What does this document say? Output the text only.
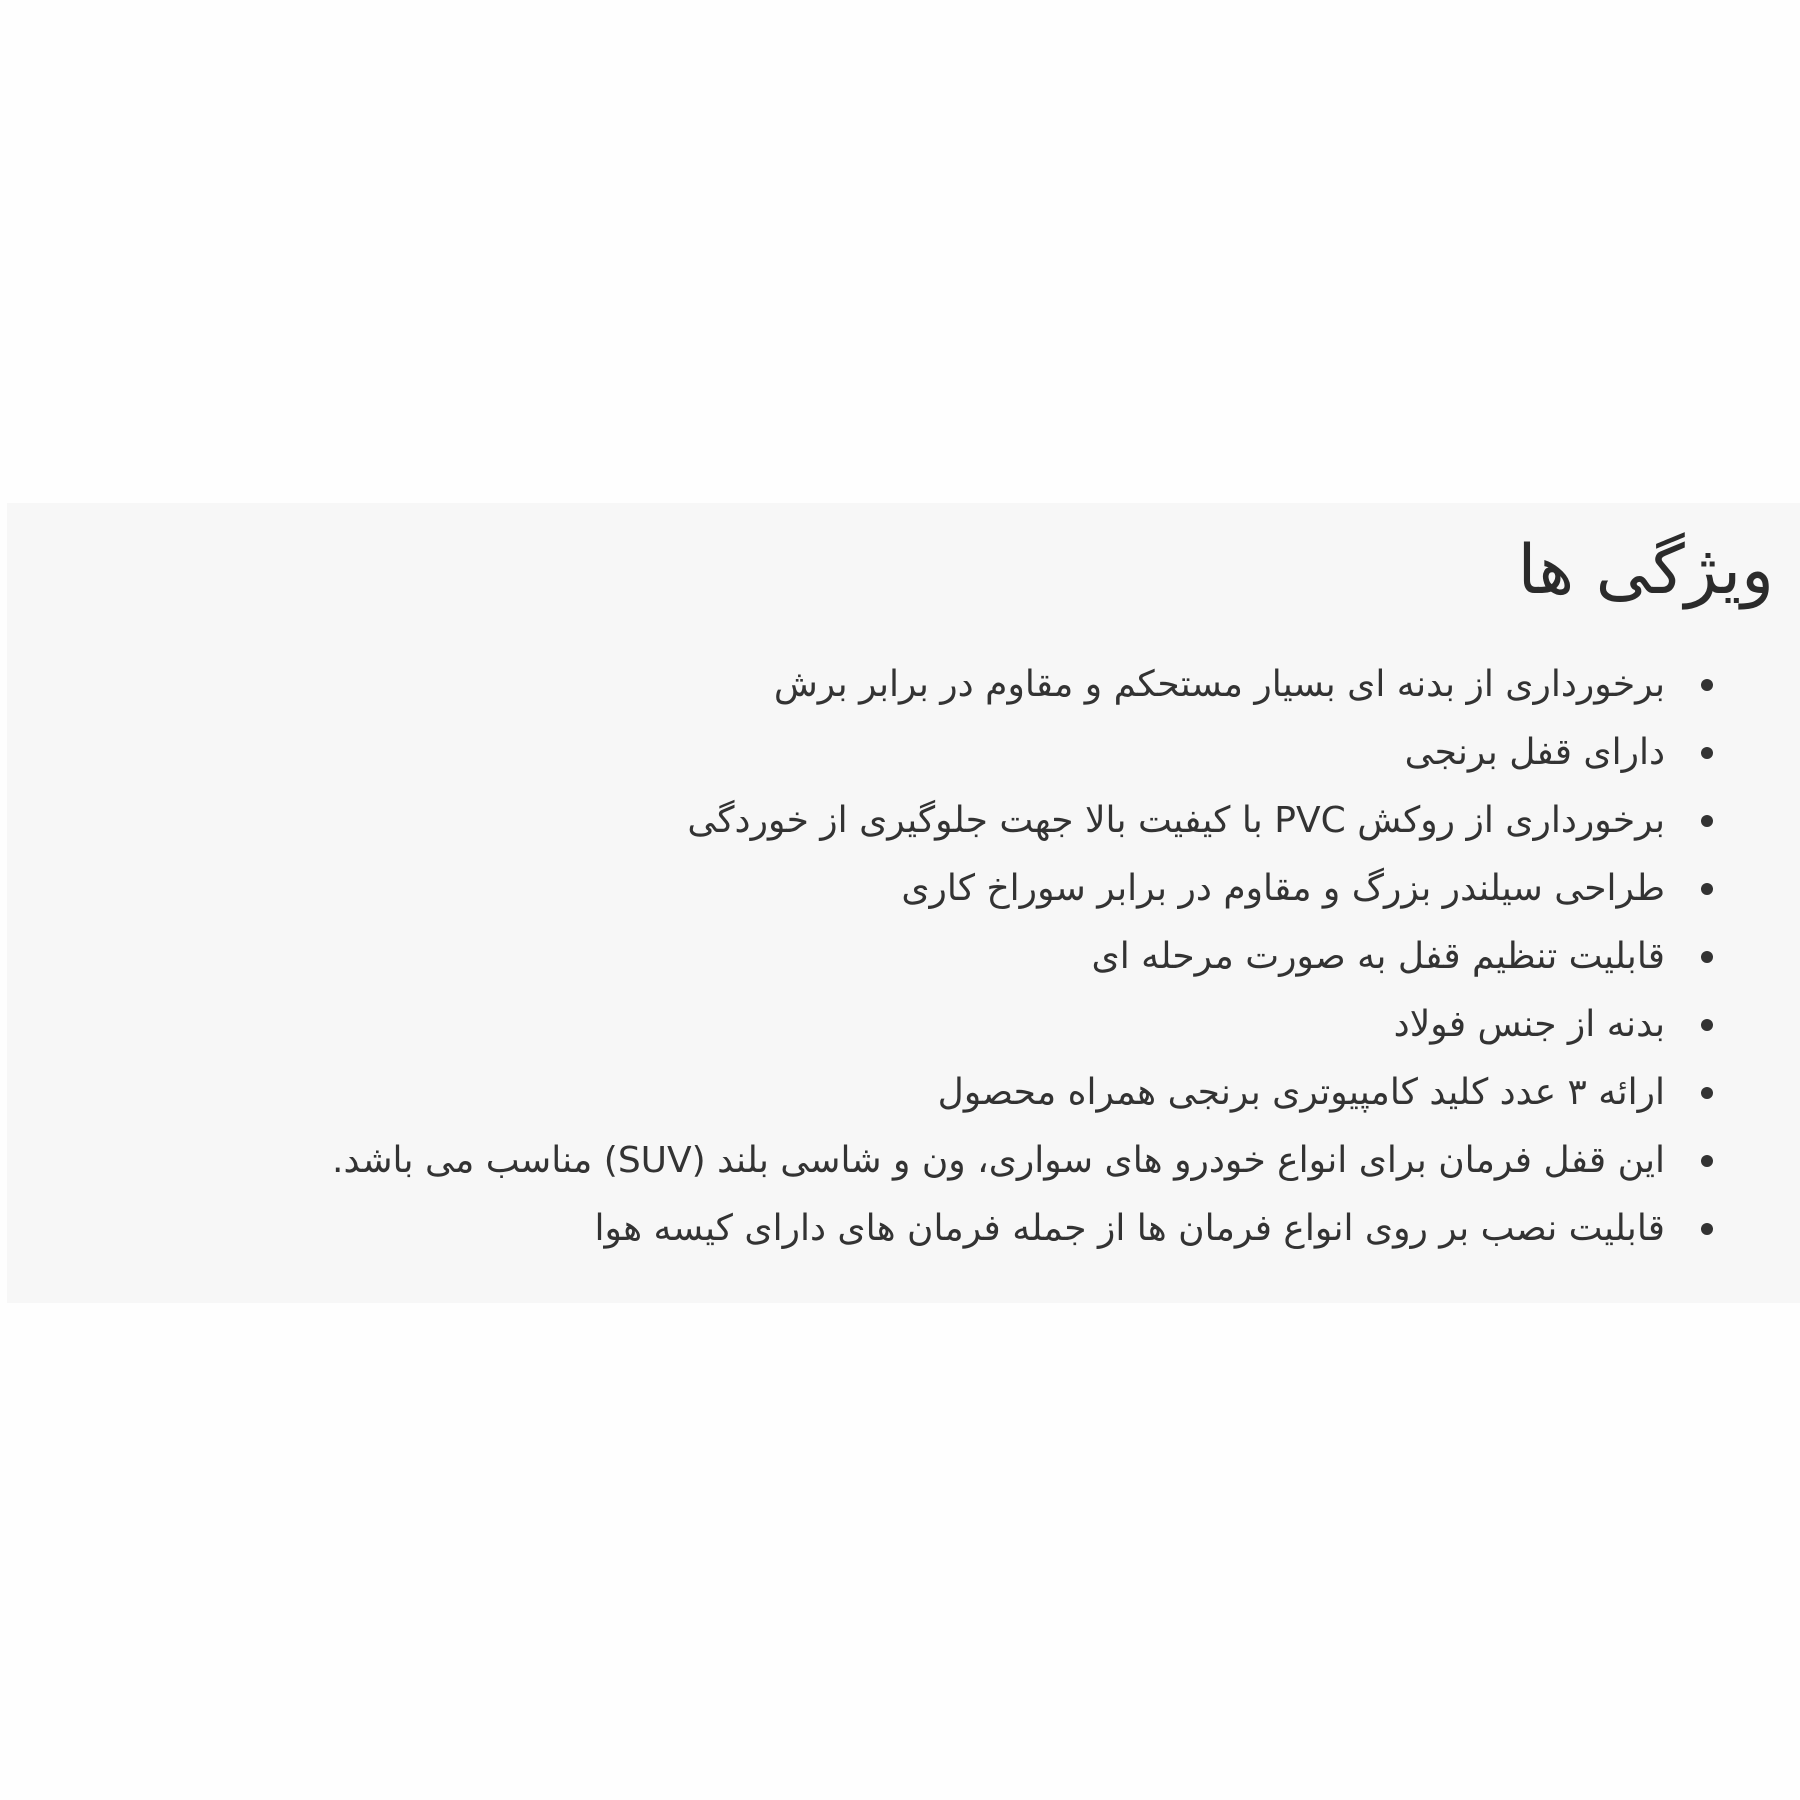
ویژگی ها
برخورداری از بدنه ای بسیار مستحکم و مقاوم در برابر برش
دارای قفل برنجی
برخورداری از روکش PVC با کیفیت بالا جهت جلوگیری از خوردگی
طراحی سیلندر بزرگ و مقاوم در برابر سوراخ کاری
قابلیت تنظیم قفل به صورت مرحله ای
بدنه از جنس فولاد
ارائه ۳ عدد کلید کامپیوتری برنجی همراه محصول
این قفل فرمان برای انواع خودرو های سواری، ون و شاسی بلند (SUV) مناسب می باشد.
قابلیت نصب بر روی انواع فرمان ها از جمله فرمان های دارای کیسه هوا
